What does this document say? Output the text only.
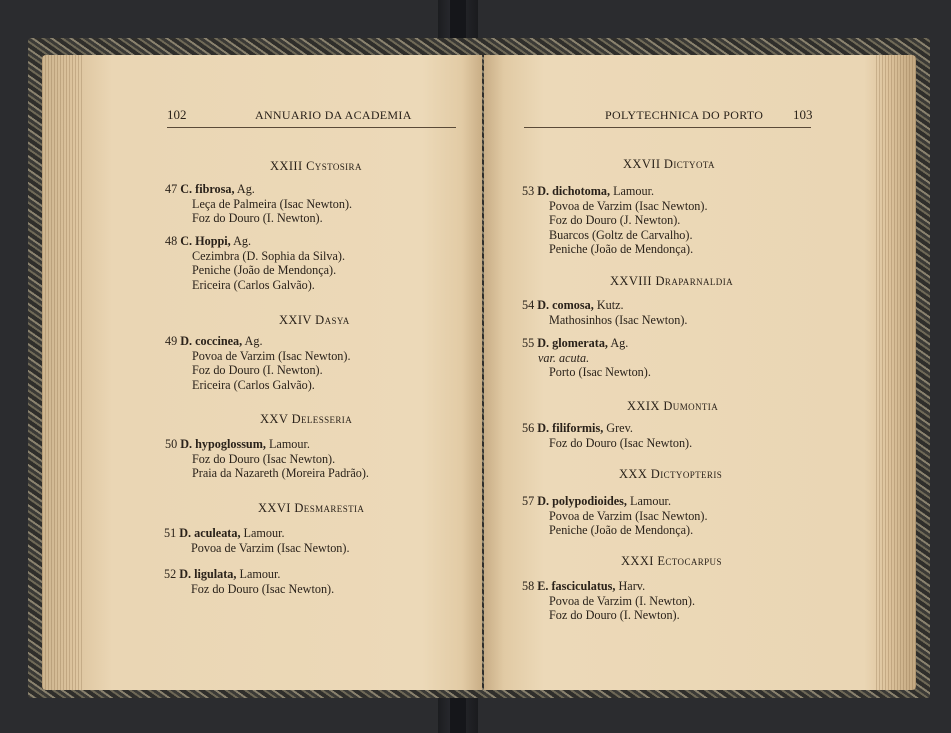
102	ANNUARIO DA ACADEMIA
XXIII Cystosira
47 C. fibrosa, Ag.
Leça de Palmeira (Isac Newton).
Foz do Douro (I. Newton).
48 C. Hoppi, Ag.
Cezimbra (D. Sophia da Silva).
Peniche (João de Mendonça).
Ericeira (Carlos Galvão).
XXIV Dasya
49 D. coccinea, Ag.
Povoa de Varzim (Isac Newton).
Foz do Douro (I. Newton).
Ericeira (Carlos Galvão).
XXV Delesseria
50 D. hypoglossum, Lamour.
Foz do Douro (Isac Newton).
Praia da Nazareth (Moreira Padrão).
XXVI Desmarestia
51 D. aculeata, Lamour.
Povoa de Varzim (Isac Newton).
52 D. ligulata, Lamour.
Foz do Douro (Isac Newton).
POLYTECHNICA DO PORTO 103
XXVII Dictyota
53 D. dichotoma, Lamour.
Povoa de Varzim (Isac Newton).
Foz do Douro (J. Newton).
Buarcos (Goltz de Carvalho).
Peniche (João de Mendonça).
XXVIII Draparnaldia
54 D. comosa, Kutz.
Mathosinhos (Isac Newton).
55 D. glomerata, Ag.
var. acuta.
Porto (Isac Newton).
XXIX Dumontia
56 D. filiformis, Grev.
Foz do Douro (Isac Newton).
XXX Dictyopteris
57 D. polypodioides, Lamour.
Povoa de Varzim (Isac Newton).
Peniche (João de Mendonça).
XXXI Ectocarpus
58 E. fasciculatus, Harv.
Povoa de Varzim (I. Newton).
Foz do Douro (I. Newton).
